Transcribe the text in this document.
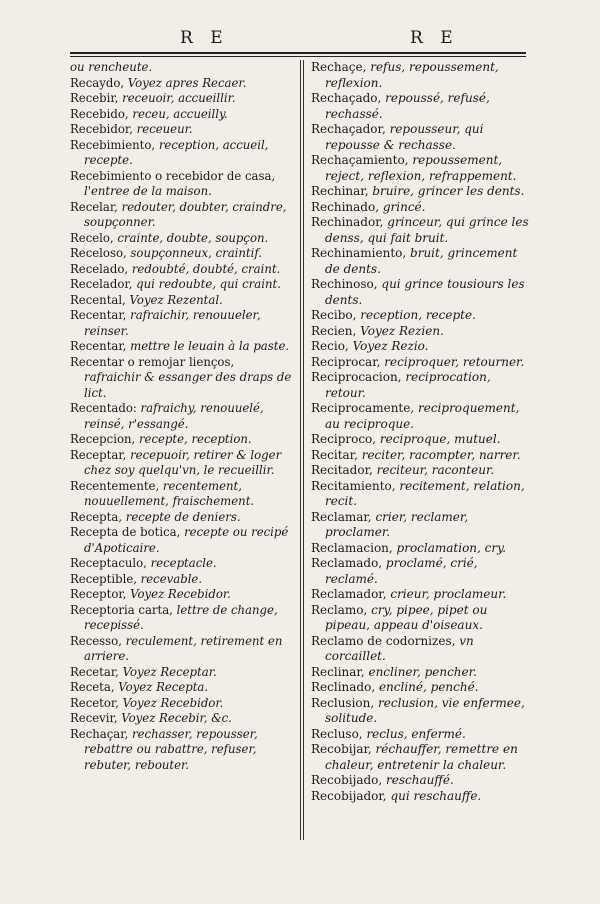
R E	R E

ou rencheute.

Recaydo, Voyez apres Recaer.

Recebir, receuoir, accueillir.

Recebido, receu, accueilly.

Recebidor, receueur.

Recebimiento, reception, accueil, recepte.

Recebimiento o recebidor de casa, l'entree de la maison.

Recelar, redouter, doubter, craindre, soupçonner.

Recelo, crainte, doubte, soupçon.

Receloso, soupçonneux, craintif.

Recelado, redoubté, doubté, craint.

Recelador, qui redoubte, qui craint.

Recental, Voyez Rezental.

Recentar, rafraichir, renouueler, reinser.

Recentar, mettre le leuain à la paste.

Recentar o remojar lienços, rafraichir & essanger des draps de lict.

Recentado: rafraichy, renouuelé, reinsé, r'essangé.

Recepcion, recepte, reception.

Receptar, recepuoir, retirer & loger chez soy quelqu'vn, le recueillir.

Recentemente, recentement, nouuellement, fraischement.

Recepta, recepte de deniers.

Recepta de botica, recepte ou recipé d'Apoticaire.

Receptaculo, receptacle.

Receptible, recevable.

Receptor, Voyez Recebidor.

Receptoria carta, lettre de change, recepissé.

Recesso, reculement, retirement en arriere.

Recetar, Voyez Receptar.

Receta, Voyez Recepta.

Recetor, Voyez Recebidor.

Recevir, Voyez Recebir, &c.

Rechaçar, rechasser, repousser, rebattre ou rabattre, refuser, rebuter, rebouter.

Rechaçe, refus, repoussement, reflexion.

Rechaçado, repoussé, refusé, rechassé.

Rechaçador, repousseur, qui repousse & rechasse.

Rechaçamiento, repoussement, reject, reflexion, refrappement.

Rechinar, bruire, grincer les dents.

Rechinado, grincé.

Rechinador, grinceur, qui grince les denss, qui fait bruit.

Rechinamiento, bruit, grincement de dents.

Rechinoso, qui grince tousiours les dents.

Recibo, reception, recepte.

Recien, Voyez Rezien.

Recio, Voyez Rezio.

Reciprocar, reciproquer, retourner.

Reciprocacion, reciprocation, retour.

Reciprocamente, reciproquement, au reciproque.

Reciproco, reciproque, mutuel.

Recitar, reciter, racompter, narrer.

Recitador, reciteur, raconteur.

Recitamiento, recitement, relation, recit.

Reclamar, crier, reclamer, proclamer.

Reclamacion, proclamation, cry.

Reclamado, proclamé, crié, reclamé.

Reclamador, crieur, proclameur.

Reclamo, cry, pipee, pipet ou pipeau, appeau d'oiseaux.

Reclamo de codornizes, vn corcaillet.

Reclinar, encliner, pencher.

Reclinado, encliné, penché.

Reclusion, reclusion, vie enfermee, solitude.

Recluso, reclus, enfermé.

Recobijar, réchauffer, remettre en chaleur, entretenir la chaleur.

Recobijado, reschauffé.

Recobijador, qui reschauffe.
